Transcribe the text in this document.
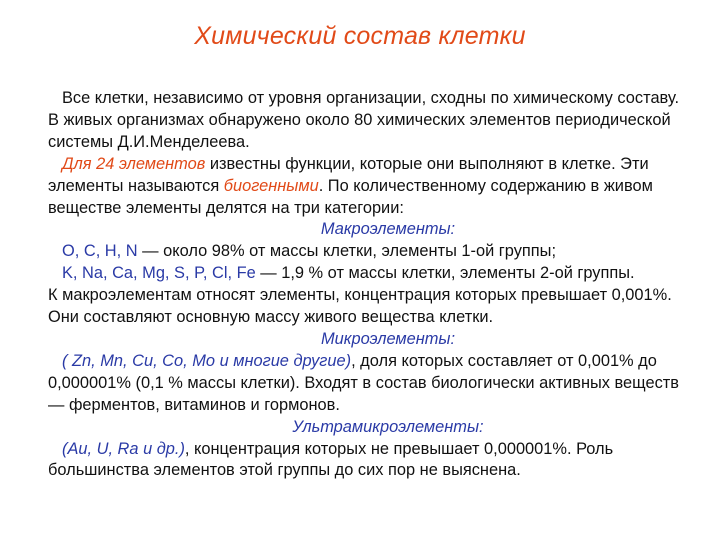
Химический состав клетки

Все клетки, независимо от уровня организации, сходны по химическому составу. В живых организмах обнаружено около 80 химических элементов периодической системы Д.И.Менделеева.

Для 24 элементов известны функции, которые они выполняют в клетке. Эти элементы называются биогенными. По количественному содержанию в живом веществе элементы делятся на три категории:

Макроэлементы:

O, C, H, N — около 98% от массы клетки, элементы 1-ой группы;

K, Na, Ca, Mg, S, P, Cl, Fe — 1,9 % от массы клетки, элементы 2-ой группы.

К макроэлементам относят элементы, концентрация которых превышает 0,001%. Они составляют основную массу живого вещества клетки.

Микроэлементы:

( Zn, Mn, Cu, Co, Mo и многие другие), доля которых составляет от 0,001% до 0,000001% (0,1 % массы клетки). Входят в состав биологически активных веществ — ферментов, витаминов и гормонов.

Ультрамикроэлементы:

(Au, U, Ra и др.), концентрация которых не превышает 0,000001%. Роль большинства элементов этой группы до сих пор не выяснена.
